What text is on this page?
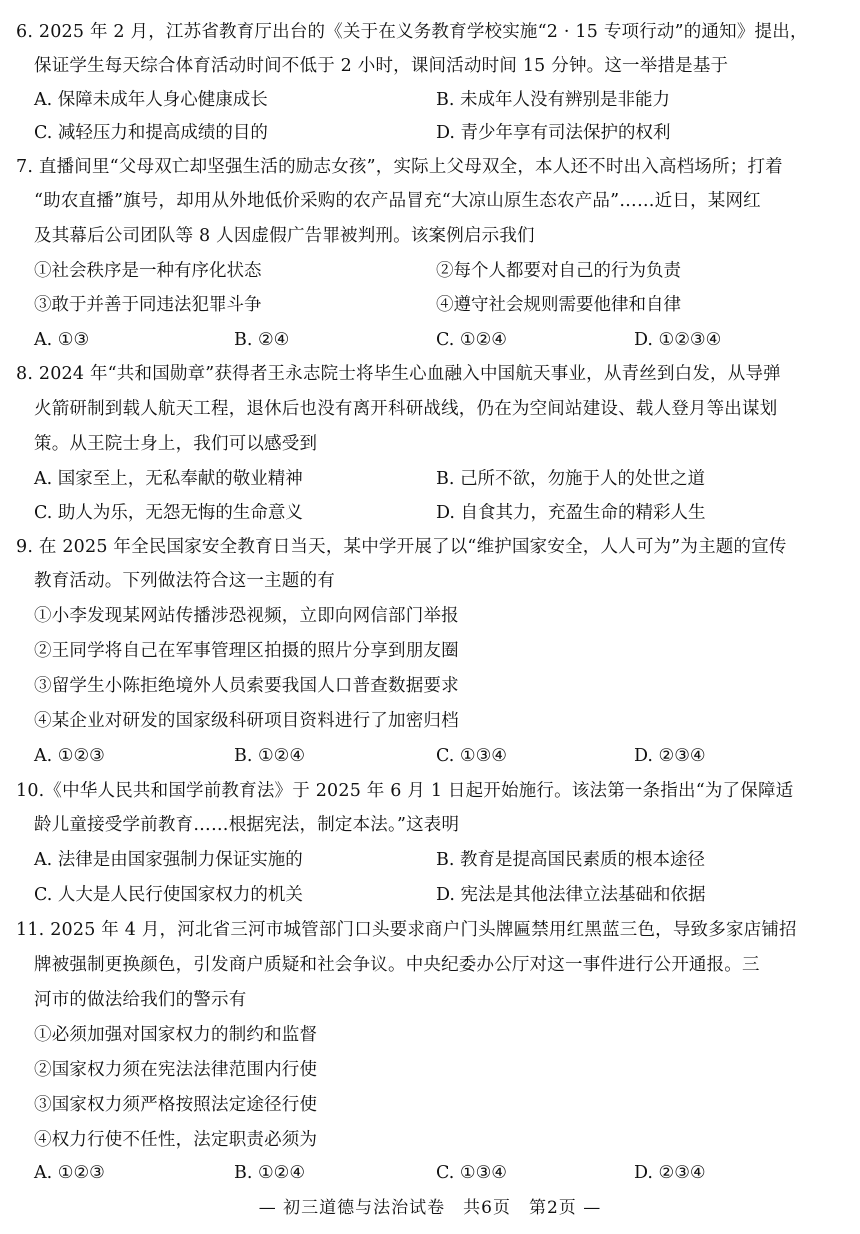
6. 2025 年 2 月，江苏省教育厅出台的《关于在义务教育学校实施“2 · 15 专项行动”的通知》提出，
保证学生每天综合体育活动时间不低于 2 小时，课间活动时间 15 分钟。这一举措是基于
A. 保障未成年人身心健康成长	B. 未成年人没有辨别是非能力
C. 减轻压力和提高成绩的目的	D. 青少年享有司法保护的权利
7. 直播间里“父母双亡却坚强生活的励志女孩”，实际上父母双全，本人还不时出入高档场所；打着
“助农直播”旗号，却用从外地低价采购的农产品冒充“大凉山原生态农产品”……近日，某网红
及其幕后公司团队等 8 人因虚假广告罪被判刑。该案例启示我们
①社会秩序是一种有序化状态	②每个人都要对自己的行为负责
③敢于并善于同违法犯罪斗争	④遵守社会规则需要他律和自律
A. ①③	B. ②④	C. ①②④	D. ①②③④
8. 2024 年“共和国勋章”获得者王永志院士将毕生心血融入中国航天事业，从青丝到白发，从导弹
火箭研制到载人航天工程，退休后也没有离开科研战线，仍在为空间站建设、载人登月等出谋划
策。从王院士身上，我们可以感受到
A. 国家至上，无私奉献的敬业精神	B. 己所不欲，勿施于人的处世之道
C. 助人为乐，无怨无悔的生命意义	D. 自食其力，充盈生命的精彩人生
9. 在 2025 年全民国家安全教育日当天，某中学开展了以“维护国家安全，人人可为”为主题的宣传
教育活动。下列做法符合这一主题的有
①小李发现某网站传播涉恐视频，立即向网信部门举报
②王同学将自己在军事管理区拍摄的照片分享到朋友圈
③留学生小陈拒绝境外人员索要我国人口普查数据要求
④某企业对研发的国家级科研项目资料进行了加密归档
A. ①②③	B. ①②④	C. ①③④	D. ②③④
10.《中华人民共和国学前教育法》于 2025 年 6 月 1 日起开始施行。该法第一条指出“为了保障适
龄儿童接受学前教育……根据宪法，制定本法。”这表明
A. 法律是由国家强制力保证实施的	B. 教育是提高国民素质的根本途径
C. 人大是人民行使国家权力的机关	D. 宪法是其他法律立法基础和依据
11. 2025 年 4 月，河北省三河市城管部门口头要求商户门头牌匾禁用红黑蓝三色，导致多家店铺招
牌被强制更换颜色，引发商户质疑和社会争议。中央纪委办公厅对这一事件进行公开通报。三
河市的做法给我们的警示有
①必须加强对国家权力的制约和监督
②国家权力须在宪法法律范围内行使
③国家权力须严格按照法定途径行使
④权力行使不任性，法定职责必须为
A. ①②③	B. ①②④	C. ①③④	D. ②③④
— 初三道德与法治试卷　共6页　第2页 —
